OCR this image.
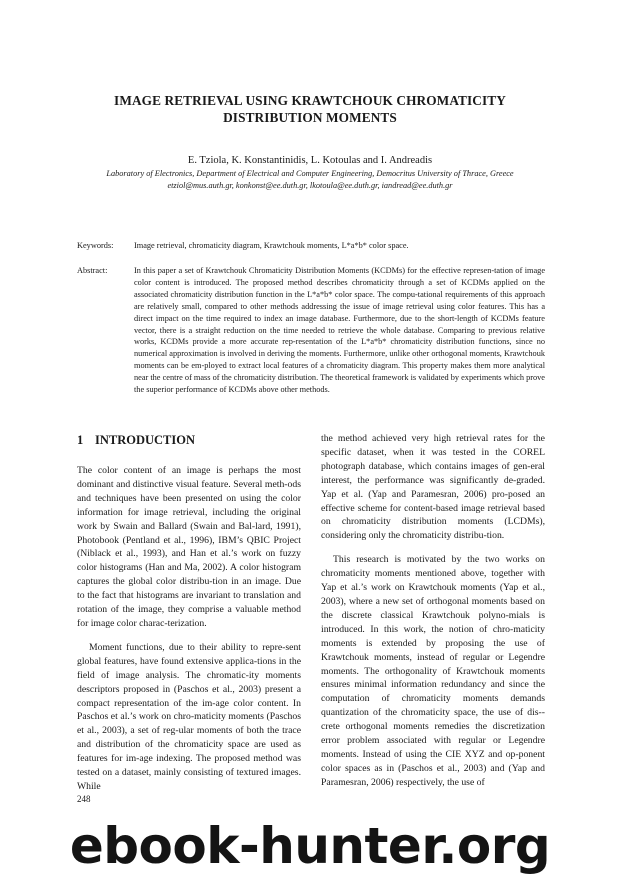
IMAGE RETRIEVAL USING KRAWTCHOUK CHROMATICITY
DISTRIBUTION MOMENTS
E. Tziola, K. Konstantinidis, L. Kotoulas and I. Andreadis
Laboratory of Electronics, Department of Electrical and Computer Engineering, Democritus University of Thrace, Greece
etziol@mus.auth.gr, konkonst@ee.duth.gr, lkotoula@ee.duth.gr, iandread@ee.duth.gr
Keywords: Image retrieval, chromaticity diagram, Krawtchouk moments, L*a*b* color space.
Abstract:	In this paper a set of Krawtchouk Chromaticity Distribution Moments (KCDMs) for the effective represen-tation of image color content is introduced. The proposed method describes chromaticity through a set of KCDMs applied on the associated chromaticity distribution function in the L*a*b* color space. The compu-tational requirements of this approach are relatively small, compared to other methods addressing the issue of image retrieval using color features. This has a direct impact on the time required to index an image database. Furthermore, due to the short-length of KCDMs feature vector, there is a straight reduction on the time needed to retrieve the whole database. Comparing to previous relative works, KCDMs provide a more accurate rep-resentation of the L*a*b* chromaticity distribution functions, since no numerical approximation is involved in deriving the moments. Furthermore, unlike other orthogonal moments, Krawtchouk moments can be em-ployed to extract local features of a chromaticity diagram. This property makes them more analytical near the centre of mass of the chromaticity distribution. The theoretical framework is validated by experiments which prove the superior performance of KCDMs above other methods.
1 INTRODUCTION

The color content of an image is perhaps the most dominant and distinctive visual feature. Several meth-ods and techniques have been presented on using the color information for image retrieval, including the original work by Swain and Ballard (Swain and Bal-lard, 1991), Photobook (Pentland et al., 1996), IBM’s QBIC Project (Niblack et al., 1993), and Han et al.’s work on fuzzy color histograms (Han and Ma, 2002). A color histogram captures the global color distribu-tion in an image. Due to the fact that histograms are invariant to translation and rotation of the image, they comprise a valuable method for image color charac-terization.

Moment functions, due to their ability to repre-sent global features, have found extensive applica-tions in the field of image analysis. The chromatic-ity moments descriptors proposed in (Paschos et al., 2003) present a compact representation of the im-age color content. In Paschos et al.’s work on chro-maticity moments (Paschos et al., 2003), a set of reg-ular moments of both the trace and distribution of the chromaticity space are used as features for im-age indexing. The proposed method was tested on a dataset, mainly consisting of textured images. While

the method achieved very high retrieval rates for the specific dataset, when it was tested in the COREL photograph database, which contains images of gen-eral interest, the performance was significantly de-graded. Yap et al. (Yap and Paramesran, 2006) pro-posed an effective scheme for content-based image retrieval based on chromaticity distribution moments (LCDMs), considering only the chromaticity distribu-tion.

This research is motivated by the two works on chromaticity moments mentioned above, together with Yap et al.’s work on Krawtchouk moments (Yap et al., 2003), where a new set of orthogonal moments based on the discrete classical Krawtchouk polyno-mials is introduced. In this work, the notion of chro-maticity moments is extended by proposing the use of Krawtchouk moments, instead of regular or Legendre moments. The orthogonality of Krawtchouk moments ensures minimal information redundancy and since the computation of chromaticity moments demands quantization of the chromaticity space, the use of dis-crete orthogonal moments remedies the discretization error problem associated with regular or Legendre moments. Instead of using the CIE XYZ and op-ponent color spaces as in (Paschos et al., 2003) and (Yap and Paramesran, 2006) respectively, the use of

248
ebook-hunter.org
